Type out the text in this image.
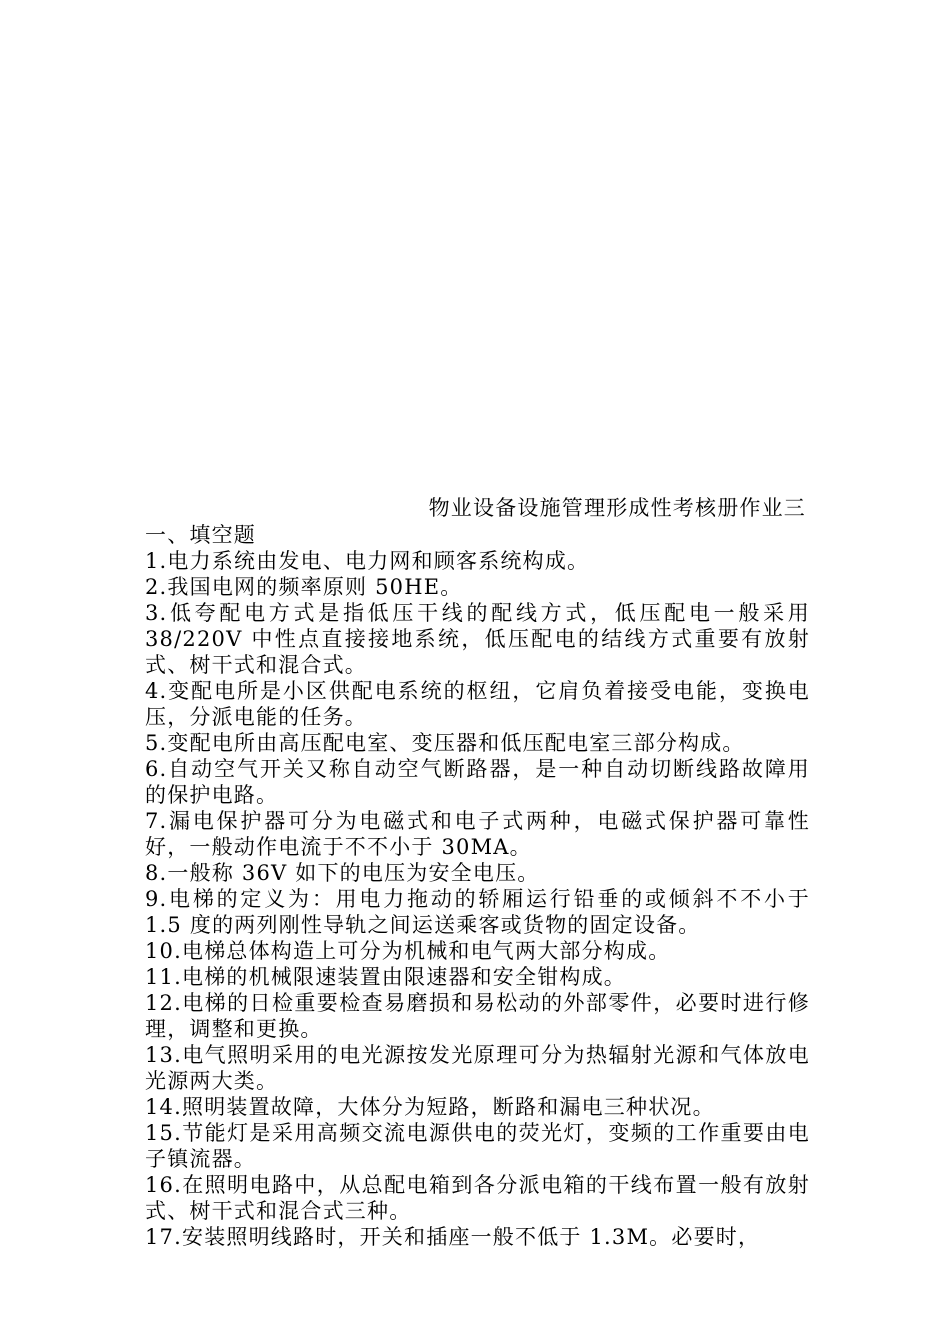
物业设备设施管理形成性考核册作业三
一、填空题

1.电力系统由发电、电力网和顾客系统构成。

2.我国电网的频率原则 50HE。

3.低夸配电方式是指低压干线的配线方式，低压配电一般采用 38/220V 中性点直接接地系统，低压配电的结线方式重要有放射式、树干式和混合式。

4.变配电所是小区供配电系统的枢纽，它肩负着接受电能，变换电压，分派电能的任务。

5.变配电所由高压配电室、变压器和低压配电室三部分构成。

6.自动空气开关又称自动空气断路器，是一种自动切断线路故障用的保护电路。

7.漏电保护器可分为电磁式和电子式两种，电磁式保护器可靠性好，一般动作电流于不不小于 30MA。

8.一般称 36V 如下的电压为安全电压。

9.电梯的定义为：用电力拖动的轿厢运行铅垂的或倾斜不不小于 1.5 度的两列刚性导轨之间运送乘客或货物的固定设备。

10.电梯总体构造上可分为机械和电气两大部分构成。

11.电梯的机械限速装置由限速器和安全钳构成。

12.电梯的日检重要检查易磨损和易松动的外部零件，必要时进行修理，调整和更换。

13.电气照明采用的电光源按发光原理可分为热辐射光源和气体放电光源两大类。

14.照明装置故障，大体分为短路，断路和漏电三种状况。

15.节能灯是采用高频交流电源供电的荧光灯，变频的工作重要由电子镇流器。

16.在照明电路中，从总配电箱到各分派电箱的干线布置一般有放射式、树干式和混合式三种。

17.安装照明线路时，开关和插座一般不低于 1.3M。必要时，
